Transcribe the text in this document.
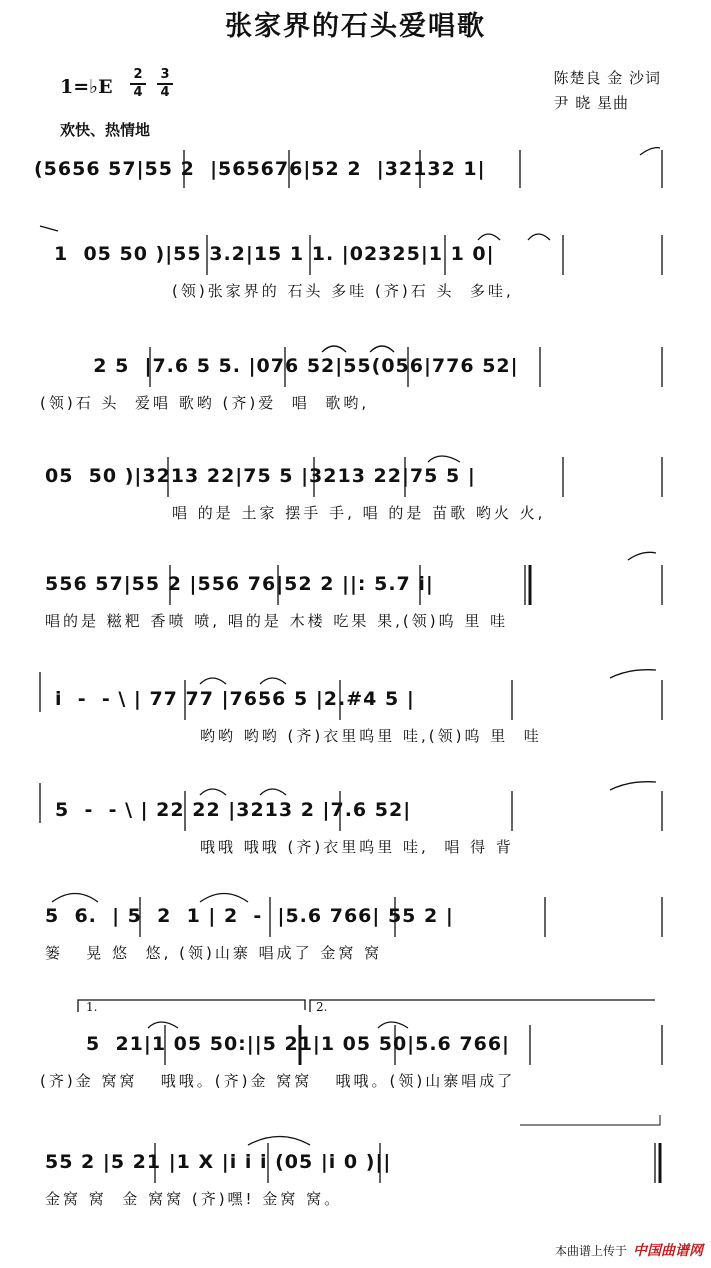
张家界的石头爱唱歌
1=♭E
2
4
3
4
陈楚良 金 沙词
尹 晓 星曲
欢快、热情地
(5656 57|55 2  |565676|52 2  |32132 1|
1  05 50 )|55 3.2|15 1 1. |02325|1 1 0|
(领)张家界的 石头 多哇 (齐)石 头  多哇,
2 5  |7.6 5 5. |076 52|55(056|776 52|
(领)石 头  爱唱 歌哟 (齐)爱  唱  歌哟,
05  50 )|3213 22|75 5 |3213 22|75 5 |
唱 的是 土家 摆手 手, 唱 的是 苗歌 哟火 火,
556 57|55 2 |556 76|52 2 ||: 5.7 i|
唱的是 糍粑 香喷 喷, 唱的是 木楼 吃果 果,(领)呜 里 哇
i  -  - \ | 77 77 |7656 5 |2.#4 5 |
哟哟 哟哟 (齐)衣里呜里 哇,(领)呜 里  哇
5  -  - \ | 22 22 |3213 2 |7.6 52|
哦哦 哦哦 (齐)衣里呜里 哇,  唱 得 背
5  6.  | 5  2  1 | 2  -  |5.6 766| 55 2 |
篓   晃 悠  悠, (领)山寨 唱成了 金窝 窝
1.	2.
5  21|1 05 50:||5 21|1 05 50|5.6 766|
(齐)金 窝窝   哦哦。(齐)金 窝窝   哦哦。(领)山寨唱成了
55 2 |5 21 |1 X |i i i (05 |i 0 )||
金窝 窝  金 窝窝 (齐)嘿! 金窝 窝。
本曲谱上传于 中国曲谱网
